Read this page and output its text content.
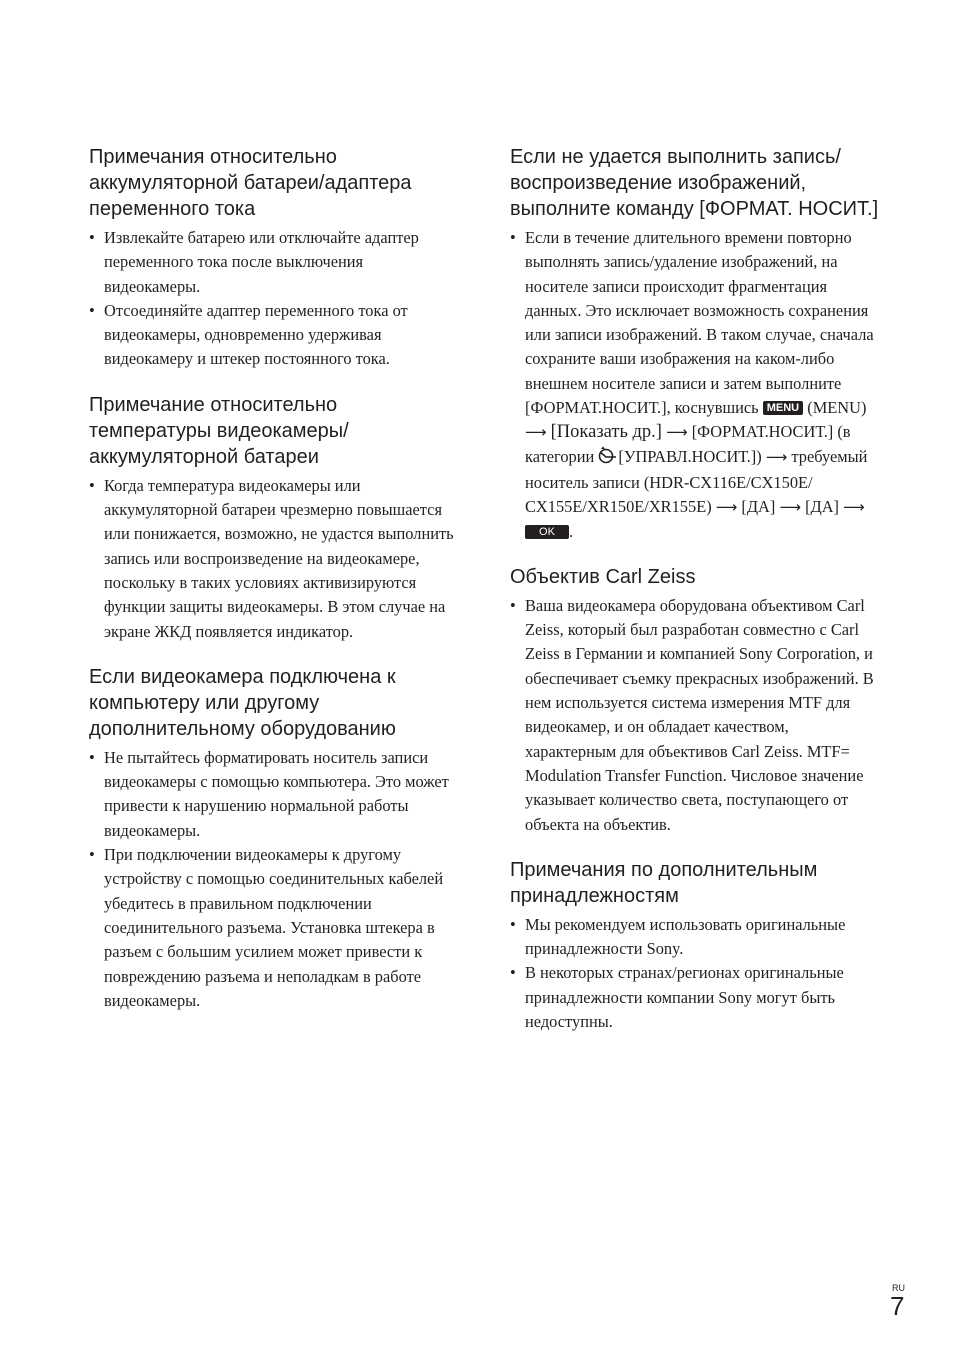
Примечания относительно аккумуляторной батареи/адаптера переменного тока
• Извлекайте батарею или отключайте адаптер переменного тока после выключения видеокамеры.
• Отсоединяйте адаптер переменного тока от видеокамеры, одновременно удерживая видеокамеру и штекер постоянного тока.
Примечание относительно температуры видеокамеры/ аккумуляторной батареи
• Когда температура видеокамеры или аккумуляторной батареи чрезмерно повышается или понижается, возможно, не удастся выполнить запись или воспроизведение на видеокамере, поскольку в таких условиях активизируются функции защиты видеокамеры. В этом случае на экране ЖКД появляется индикатор.
Если видеокамера подключена к компьютеру или другому дополнительному оборудованию
• Не пытайтесь форматировать носитель записи видеокамеры с помощью компьютера. Это может привести к нарушению нормальной работы видеокамеры.
• При подключении видеокамеры к другому устройству с помощью соединительных кабелей убедитесь в правильном подключении соединительного разъема. Установка штекера в разъем с большим усилием может привести к повреждению разъема и неполадкам в работе видеокамеры.
Если не удается выполнить запись/ воспроизведение изображений, выполните команду [ФОРМАТ. НОСИТ.]
• Если в течение длительного времени повторно выполнять запись/удаление изображений, на носителе записи происходит фрагментация данных. Это исключает возможность сохранения или записи изображений. В таком случае, сначала сохраните ваши изображения на каком-либо внешнем носителе записи и затем выполните [ФОРМАТ.НОСИТ.], коснувшись MENU (MENU) ⟶ [Показать др.] ⟶ [ФОРМАТ.НОСИТ.] (в категории [УПРАВЛ.НОСИТ.]) ⟶ требуемый носитель записи (HDR-CX116E/CX150E/ CX155E/XR150E/XR155E) ⟶ [ДА] ⟶ [ДА] ⟶ OK .
Объектив Carl Zeiss
• Ваша видеокамера оборудована объективом Carl Zeiss, который был разработан совместно с Carl Zeiss в Германии и компанией Sony Corporation, и обеспечивает съемку прекрасных изображений. В нем используется система измерения MTF для видеокамер, и он обладает качеством, характерным для объективов Carl Zeiss. MTF= Modulation Transfer Function. Числовое значение указывает количество света, поступающего от объекта на объектив.
Примечания по дополнительным принадлежностям
• Мы рекомендуем использовать оригинальные принадлежности Sony.
• В некоторых странах/регионах оригинальные принадлежности компании Sony могут быть недоступны.
RU
7
